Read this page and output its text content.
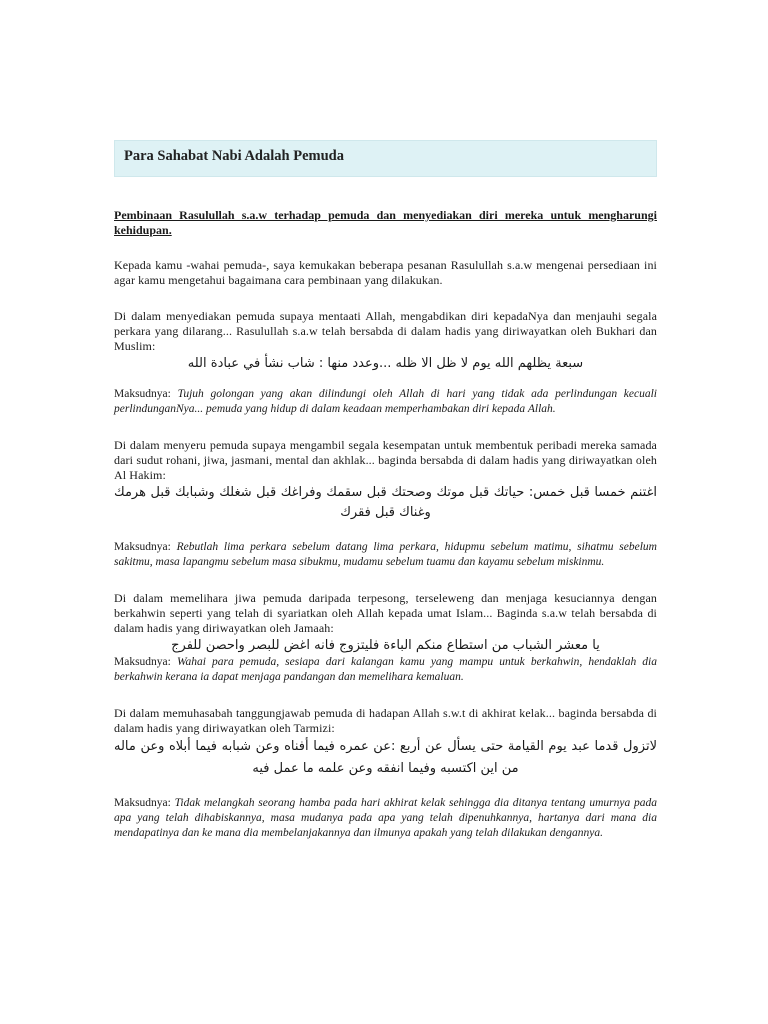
Para Sahabat Nabi Adalah Pemuda
Pembinaan Rasulullah s.a.w terhadap pemuda dan menyediakan diri mereka untuk mengharungi kehidupan.

Kepada kamu -wahai pemuda-, saya kemukakan beberapa pesanan Rasulullah s.a.w mengenai persediaan ini agar kamu mengetahui bagaimana cara pembinaan yang dilakukan.

Di dalam menyediakan pemuda supaya mentaati Allah, mengabdikan diri kepadaNya dan menjauhi segala perkara yang dilarang... Rasulullah s.a.w telah bersabda di dalam hadis yang diriwayatkan oleh Bukhari dan Muslim:

سبعة يظلهم الله يوم لا ظل الا ظله ...وعدد منها : شاب نشأ في عبادة الله

Maksudnya: Tujuh golongan yang akan dilindungi oleh Allah di hari yang tidak ada perlindungan kecuali perlindunganNya... pemuda yang hidup di dalam keadaan memperhambakan diri kepada Allah.

Di dalam menyeru pemuda supaya mengambil segala kesempatan untuk membentuk peribadi mereka samada dari sudut rohani, jiwa, jasmani, mental dan akhlak... baginda bersabda di dalam hadis yang diriwayatkan oleh Al Hakim:

اغتنم خمسا قبل خمس: حياتك قبل موتك وصحتك قبل سقمك وفراغك قبل شغلك وشبابك قبل هرمك وغناك قبل فقرك

Maksudnya: Rebutlah lima perkara sebelum datang lima perkara, hidupmu sebelum matimu, sihatmu sebelum sakitmu, masa lapangmu sebelum masa sibukmu, mudamu sebelum tuamu dan kayamu sebelum miskinmu.

Di dalam memelihara jiwa pemuda daripada terpesong, terseleweng dan menjaga kesuciannya dengan berkahwin seperti yang telah di syariatkan oleh Allah kepada umat Islam... Baginda s.a.w telah bersabda di dalam hadis yang diriwayatkan oleh Jamaah:

يا معشر الشباب من استطاع منكم الباءة فليتزوج فانه اغض للبصر واحصن للفرج

Maksudnya: Wahai para pemuda, sesiapa dari kalangan kamu yang mampu untuk berkahwin, hendaklah dia berkahwin kerana ia dapat menjaga pandangan dan memelihara kemaluan.

Di dalam memuhasabah tanggungjawab pemuda di hadapan Allah s.w.t di akhirat kelak... baginda bersabda di dalam hadis yang diriwayatkan oleh Tarmizi:

لاتزول قدما عبد يوم القيامة حتى يسأل عن أربع :عن عمره فيما أفناه وعن شبابه فيما أبلاه وعن ماله من اين اكتسبه وفيما انفقه وعن علمه ما عمل فيه

Maksudnya: Tidak melangkah seorang hamba pada hari akhirat kelak sehingga dia ditanya tentang umurnya pada apa yang telah dihabiskannya, masa mudanya pada apa yang telah dipenuhkannya, hartanya dari mana dia mendapatinya dan ke mana dia membelanjakannya dan ilmunya apakah yang telah dilakukan dengannya.
